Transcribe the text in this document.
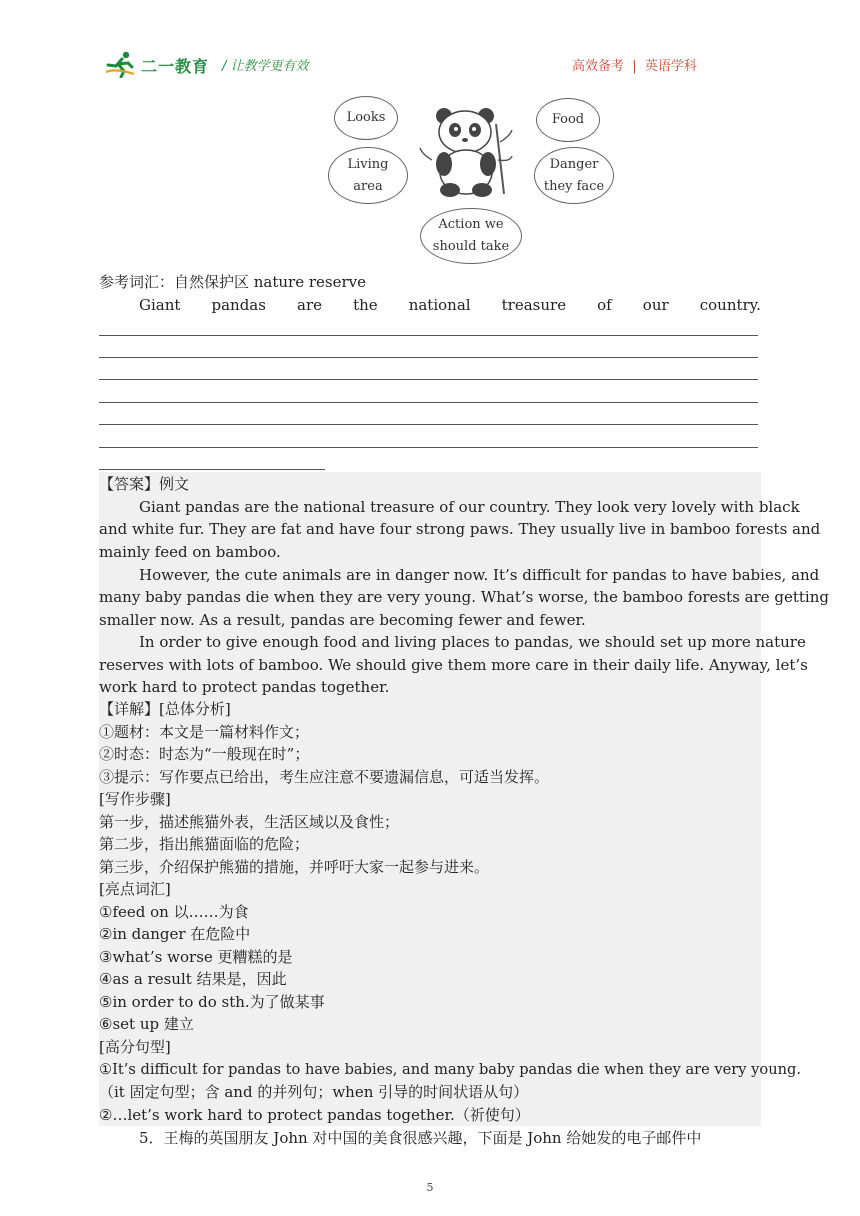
二一教育 / 让教学更有效	高效备考  |  英语学科
Looks	Food
Living
area
Danger
they face
Action we
should take
参考词汇：自然保护区 nature reserve
Giant pandas are the national treasure of our country.
【答案】例文
Giant pandas are the national treasure of our country. They look very lovely with black
and white fur. They are fat and have four strong paws. They usually live in bamboo forests and
mainly feed on bamboo.
However, the cute animals are in danger now. It’s difficult for pandas to have babies, and
many baby pandas die when they are very young. What’s worse, the bamboo forests are getting
smaller now. As a result, pandas are becoming fewer and fewer.
In order to give enough food and living places to pandas, we should set up more nature
reserves with lots of bamboo. We should give them more care in their daily life. Anyway, let’s
work hard to protect pandas together.
【详解】[总体分析]
①题材：本文是一篇材料作文；
②时态：时态为“一般现在时”；
③提示：写作要点已给出，考生应注意不要遗漏信息，可适当发挥。
[写作步骤]
第一步，描述熊猫外表，生活区域以及食性；
第二步，指出熊猫面临的危险；
第三步，介绍保护熊猫的措施，并呼吁大家一起参与进来。
[亮点词汇]
①feed on 以……为食
②in danger 在危险中
③what’s worse 更糟糕的是
④as a result 结果是，因此
⑤in order to do sth.为了做某事
⑥set up 建立
[高分句型]
①It’s difficult for pandas to have babies, and many baby pandas die when they are very young.
（it 固定句型；含 and 的并列句；when 引导的时间状语从句）
②…let’s work hard to protect pandas together.（祈使句）
5．王梅的英国朋友 John 对中国的美食很感兴趣，下面是 John 给她发的电子邮件中
5
